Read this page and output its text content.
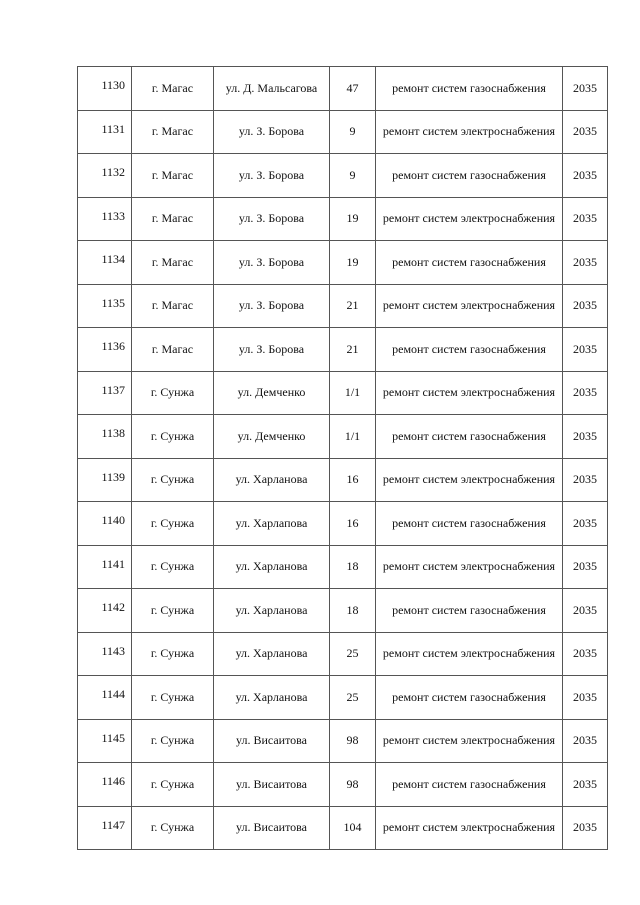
1130	г. Магас	ул. Д. Мальсагова	47	ремонт систем газоснабжения	2035
1131	г. Магас	ул. З. Борова	9	ремонт систем электроснабжения	2035
1132	г. Магас	ул. З. Борова	9	ремонт систем газоснабжения	2035
1133	г. Магас	ул. З. Борова	19	ремонт систем электроснабжения	2035
1134	г. Магас	ул. З. Борова	19	ремонт систем газоснабжения	2035
1135	г. Магас	ул. З. Борова	21	ремонт систем электроснабжения	2035
1136	г. Магас	ул. З. Борова	21	ремонт систем газоснабжения	2035
1137	г. Сунжа	ул. Демченко	1/1	ремонт систем электроснабжения	2035
1138	г. Сунжа	ул. Демченко	1/1	ремонт систем газоснабжения	2035
1139	г. Сунжа	ул. Харланова	16	ремонт систем электроснабжения	2035
1140	г. Сунжа	ул. Харлапова	16	ремонт систем газоснабжения	2035
1141	г. Сунжа	ул. Харланова	18	ремонт систем электроснабжения	2035
1142	г. Сунжа	ул. Харланова	18	ремонт систем газоснабжения	2035
1143	г. Сунжа	ул. Харланова	25	ремонт систем электроснабжения	2035
1144	г. Сунжа	ул. Харланова	25	ремонт систем газоснабжения	2035
1145	г. Сунжа	ул. Висаитова	98	ремонт систем электроснабжения	2035
1146	г. Сунжа	ул. Висаитова	98	ремонт систем газоснабжения	2035
1147	г. Сунжа	ул. Висаитова	104	ремонт систем электроснабжения	2035
